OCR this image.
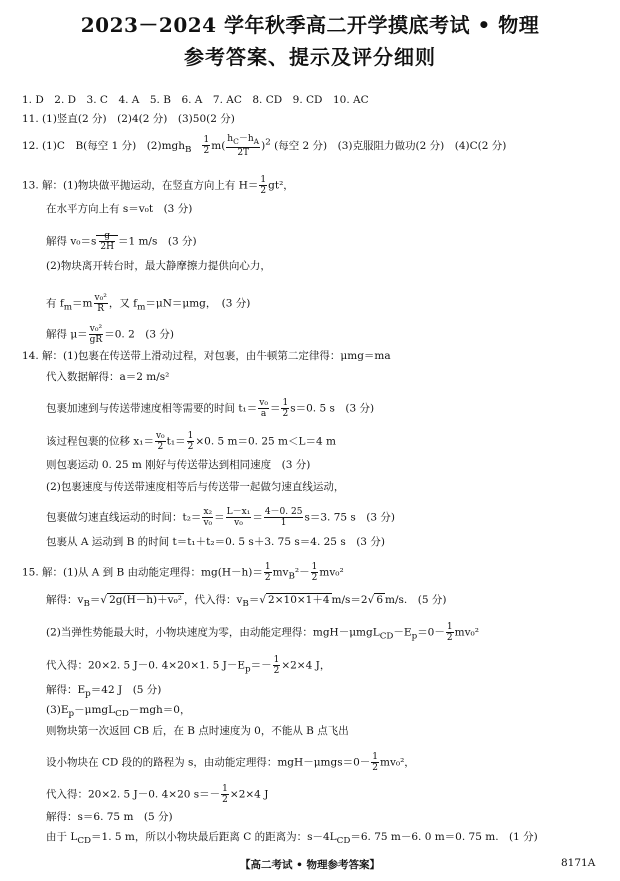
2023－2024 学年秋季高二开学摸底考试 • 物理
参考答案、提示及评分细则
1. D　2. D　3. C　4. A　5. B　6. A　7. AC　8. CD　9. CD　10. AC
11. (1)竖直(2 分)　(2)4(2 分)　(3)50(2 分)
12. (1)C　B(每空 1 分)　$(2)mgh_B \frac{1}{2} m( \frac{h_C-h_A}{2T} )^2$ (每空 2 分)　(3)克服阻力做功(2 分)　(4)C(2 分)
13. 解：(1)物块做平抛运动，在竖直方向上有 $H= \frac{1}{2} gt^2$，
在水平方向上有 s＝v₀t　(3 分)
解得 $v_0=s \frac{g}{2H} =1$ m/s　(3 分)
(2)物块离开转台时，最大静摩擦力提供向心力，
有 $f_m=m \frac{\text{v₀²}}{R}$ ，又 $f_m=\mu N=\mu mg$，　(3 分)
解得 $\mu= \frac{\text{v₀²}}{gR} =0$. 2　(3 分)
14. 解：(1)包裹在传送带上滑动过程，对包裹，由牛顿第二定律得：μmg＝ma
代入数据解得：a＝2 m/s²
包裹加速到与传送带速度相等需要的时间 $t_1= \frac{\text{v₀}}{a} = \frac{1}{2} s=0$. 5 s　(3 分)
该过程包裹的位移 $x_1= \frac{\text{v₀}}{2} t_1= \frac{1}{2} \times 0$. 5 m＝0. 25 m＜L＝4 m
则包裹运动 0. 25 m 刚好与传送带达到相同速度　(3 分)
(2)包裹速度与传送带速度相等后与传送带一起做匀速直线运动，
包裹做匀速直线运动的时间：$t_2= \frac{\text{x₂}}{\text{v₀}} = \frac{\text{L－x₁}}{\text{v₀}} = \frac{4-0. 25}{1} s=3$. 75 s　(3 分)
包裹从 A 运动到 B 的时间 t＝t₁＋t₂＝0. 5 s＋3. 75 s＝4. 25 s　(3 分)
15. 解：(1)从 A 到 B 由动能定理得：$mg(H-h)= \frac{1}{2} mv_B^2- \frac{1}{2} mv_0^2$
解得：$v_B=√$ 2g(H－h)＋v₀² ，代入得：$v_B=√$ 2×10×1＋4 m/s＝2√ 6 m/s.　(5 分)
(2)当弹性势能最大时，小物块速度为零，由动能定理得：$mgH-\mu mgL_{CD}-E_p=0- \frac{1}{2} mv_0^2$
代入得：20×2. 5 J－0. 4×20×1. 5 $J-E_p=- \frac{1}{2} \times 2\times 4$ J，
解得：$E_p=42$ J　(5 分)
$(3)E_p-\mu mgL_{CD}-mgh=0$，
则物块第一次返回 CB 后，在 B 点时速度为 0，不能从 B 点飞出
设小物块在 CD 段的的路程为 s，由动能定理得：$mgH-\mu mgs=0- \frac{1}{2} mv_0^2$，
代入得：20×2. 5 J－0. 4×20 $s=- \frac{1}{2} \times 2\times 4$ J
解得：s＝6. 75 m　(5 分)
由于 $L_{CD}=1$. 5 m，所以小物块最后距离 C 的距离为：$s-4L_{CD}=6$. 75 m－6. 0 m＝0. 75 m.　(1 分)
【高二考试 • 物理参考答案】	8171A
